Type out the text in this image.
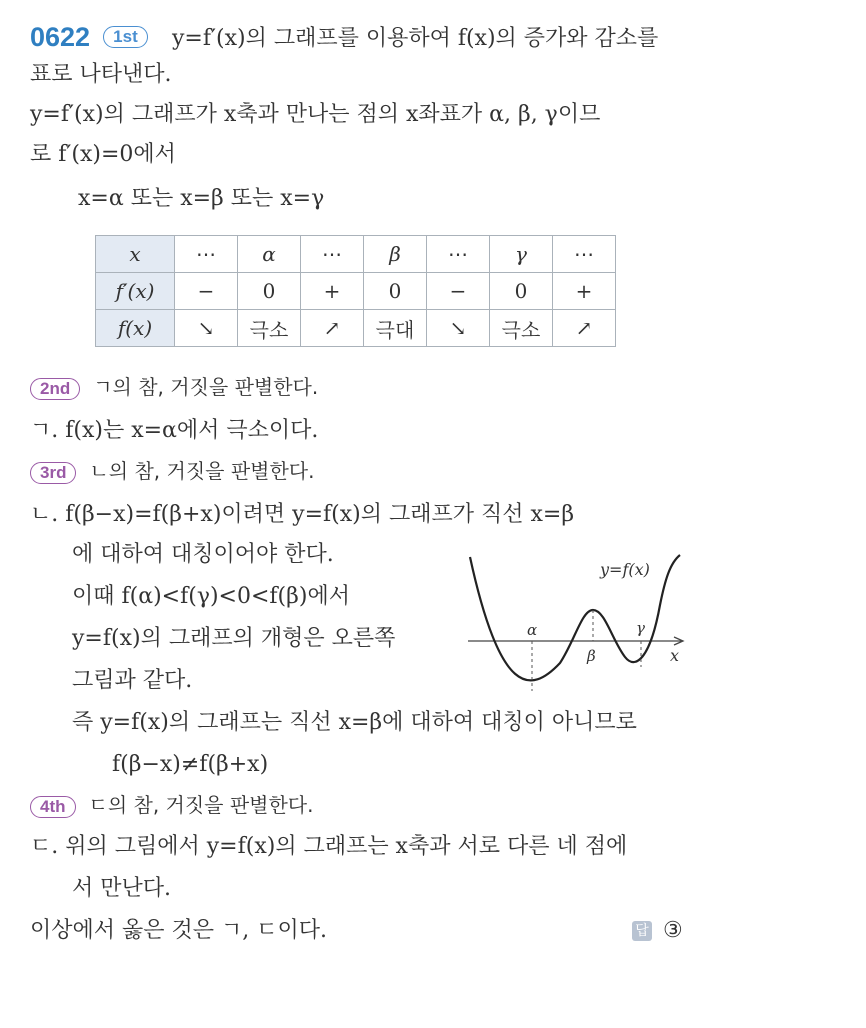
0622 1st	y=f′(x)의 그래프를 이용하여 f(x)의 증가와 감소를
표로 나타낸다.
y=f′(x)의 그래프가 x축과 만나는 점의 x좌표가 α, β, γ이므
로 f′(x)=0에서
x=α 또는 x=β 또는 x=γ
x	⋯	α	⋯	β	⋯	γ	⋯
f′(x)	−	0	+	0	−	0	+
f(x)	↘	극소	↗	극대	↘	극소	↗
2nd ㄱ의 참, 거짓을 판별한다.
ㄱ. f(x)는 x=α에서 극소이다.
3rd ㄴ의 참, 거짓을 판별한다.
ㄴ. f(β−x)=f(β+x)이려면 y=f(x)의 그래프가 직선 x=β
에 대하여 대칭이어야 한다.
이때 f(α)<f(γ)<0<f(β)에서
y=f(x)의 그래프의 개형은 오른쪽
그림과 같다.
즉 y=f(x)의 그래프는 직선 x=β에 대하여 대칭이 아니므로
f(β−x)≠f(β+x)
y=f(x)
α
β
γ
x
4th ㄷ의 참, 거짓을 판별한다.
ㄷ. 위의 그림에서 y=f(x)의 그래프는 x축과 서로 다른 네 점에
서 만난다.
이상에서 옳은 것은 ㄱ, ㄷ이다.	답 ③
